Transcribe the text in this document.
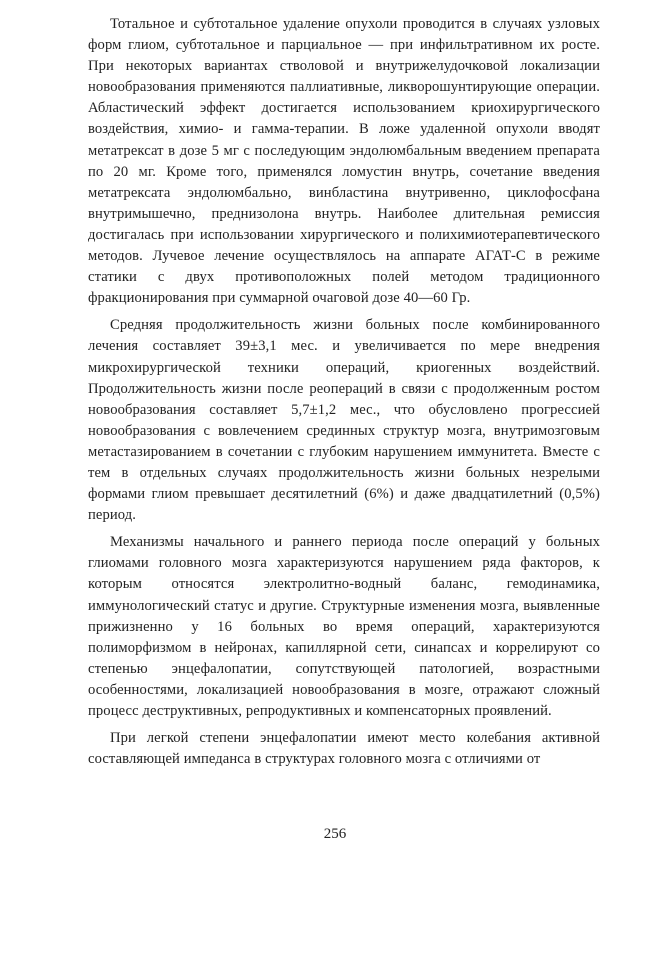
Тотальное и субтотальное удаление опухоли проводится в случаях узловых форм глиом, субтотальное и парциальное — при инфильтративном их росте. При некоторых вариантах стволовой и внутрижелудочковой локализации новообразования применяются паллиативные, ликворошунтирующие операции. Абластический эффект достигается использованием криохирургического воздействия, химио- и гамма-терапии. В ложе удаленной опухоли вводят метатрексат в дозе 5 мг с последующим эндолюмбальным введением препарата по 20 мг. Кроме того, применялся ломустин внутрь, сочетание введения метатрексата эндолюмбально, винбластина внутривенно, циклофосфана внутримышечно, преднизолона внутрь. Наиболее длительная ремиссия достигалась при использовании хирургического и полихимиотерапевтического методов. Лучевое лечение осуществлялось на аппарате АГАТ-С в режиме статики с двух противоположных полей методом традиционного фракционирования при суммарной очаговой дозе 40—60 Гр.

Средняя продолжительность жизни больных после комбинированного лечения составляет 39±3,1 мес. и увеличивается по мере внедрения микрохирургической техники операций, криогенных воздействий. Продолжительность жизни после реопераций в связи с продолженным ростом новообразования составляет 5,7±1,2 мес., что обусловлено прогрессией новообразования с вовлечением срединных структур мозга, внутримозговым метастазированием в сочетании с глубоким нарушением иммунитета. Вместе с тем в отдельных случаях продолжительность жизни больных незрелыми формами глиом превышает десятилетний (6%) и даже двадцатилетний (0,5%) период.

Механизмы начального и раннего периода после операций у больных глиомами головного мозга характеризуются нарушением ряда факторов, к которым относятся электролитно-водный баланс, гемодинамика, иммунологический статус и другие. Структурные изменения мозга, выявленные прижизненно у 16 больных во время операций, характеризуются полиморфизмом в нейронах, капиллярной сети, синапсах и коррелируют со степенью энцефалопатии, сопутствующей патологией, возрастными особенностями, локализацией новообразования в мозге, отражают сложный процесс деструктивных, репродуктивных и компенсаторных проявлений.

При легкой степени энцефалопатии имеют место колебания активной составляющей импеданса в структурах головного мозга с отличиями от

256
